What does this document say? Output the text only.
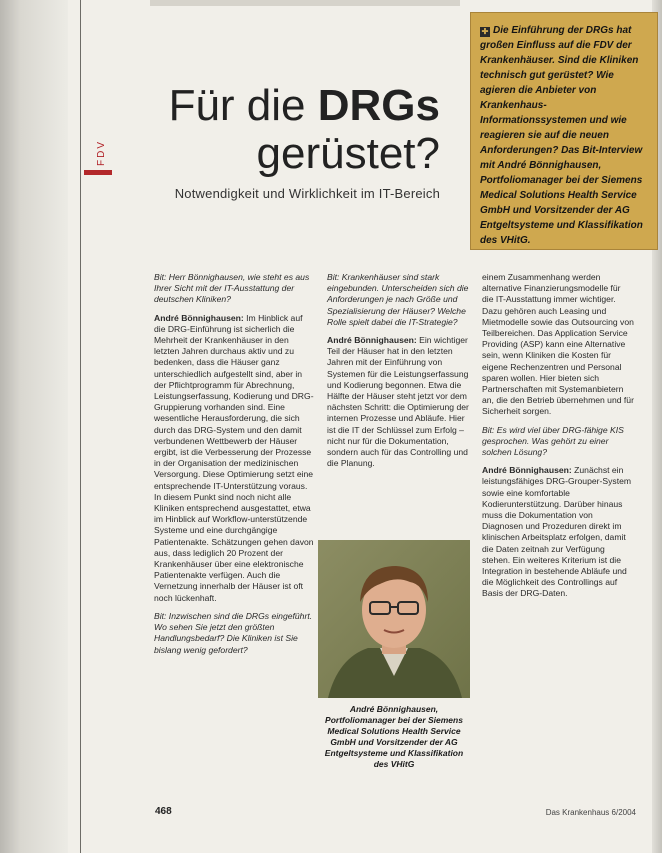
FDV
Für die DRGs
gerüstet?
Notwendigkeit und Wirklichkeit im IT-Bereich
✚ Die Einführung der DRGs hat großen Einfluss auf die FDV der Krankenhäuser. Sind die Kliniken technisch gut gerüstet? Wie agieren die Anbieter von Krankenhaus-Informationssystemen und wie reagieren sie auf die neuen Anforderungen? Das Bit-Interview mit André Bönnighausen, Portfoliomanager bei der Siemens Medical Solutions Health Service GmbH und Vorsitzender der AG Entgeltsysteme und Klassifikation des VHitG.

Bit: Herr Bönnighausen, wie steht es aus Ihrer Sicht mit der IT-Ausstattung der deutschen Kliniken?

André Bönnighausen: Im Hinblick auf die DRG-Einführung ist sicherlich die Mehrheit der Krankenhäuser in den letzten Jahren durchaus aktiv und zu bedenken, dass die Häuser ganz unterschiedlich aufgestellt sind, aber in der Pflichtprogramm für Abrechnung, Leistungserfassung, Kodierung und DRG-Gruppierung vorhanden sind. Eine wesentliche Herausforderung, die sich durch das DRG-System und den damit verbundenen Wettbewerb der Häuser ergibt, ist die Verbesserung der Prozesse in der Organisation der medizinischen Versorgung. Diese Optimierung setzt eine entsprechende IT-Unterstützung voraus. In diesem Punkt sind noch nicht alle Kliniken entsprechend ausgestattet, etwa im Hinblick auf Workflow-unterstützende Systeme und eine durchgängige Patientenakte. Schätzungen gehen davon aus, dass lediglich 20 Prozent der Krankenhäuser über eine elektronische Patientenakte verfügen. Auch die Vernetzung innerhalb der Häuser ist oft noch lückenhaft.

Bit: Inzwischen sind die DRGs eingeführt. Wo sehen Sie jetzt den größten Handlungsbedarf? Die Kliniken ist Sie bislang wenig gefordert?

Bit: Krankenhäuser sind stark eingebunden. Unterscheiden sich die Anforderungen je nach Größe und Spezialisierung der Häuser? Welche Rolle spielt dabei die IT-Strategie?

André Bönnighausen: Ein wichtiger Teil der Häuser hat in den letzten Jahren mit der Einführung von Systemen für die Leistungserfassung und Kodierung begonnen. Etwa die Hälfte der Häuser steht jetzt vor dem nächsten Schritt: die Optimierung der internen Prozesse und Abläufe. Hier ist die IT der Schlüssel zum Erfolg – nicht nur für die Dokumentation, sondern auch für das Controlling und die Planung.

André Bönnighausen, Portfoliomanager bei der Siemens Medical Solutions Health Service GmbH und Vorsitzender der AG Entgeltsysteme und Klassifikation des VHitG

einem Zusammenhang werden alternative Finanzierungsmodelle für die IT-Ausstattung immer wichtiger. Dazu gehören auch Leasing und Mietmodelle sowie das Outsourcing von Teilbereichen. Das Application Service Providing (ASP) kann eine Alternative sein, wenn Kliniken die Kosten für eigene Rechenzentren und Personal sparen wollen. Hier bieten sich Partnerschaften mit Systemanbietern an, die den Betrieb übernehmen und für Sicherheit sorgen.

Bit: Es wird viel über DRG-fähige KIS gesprochen. Was gehört zu einer solchen Lösung?

André Bönnighausen: Zunächst ein leistungsfähiges DRG-Grouper-System sowie eine komfortable Kodierunterstützung. Darüber hinaus muss die Dokumentation von Diagnosen und Prozeduren direkt im klinischen Arbeitsplatz erfolgen, damit die Daten zeitnah zur Verfügung stehen. Ein weiteres Kriterium ist die Integration in bestehende Abläufe und die Möglichkeit des Controllings auf Basis der DRG-Daten.

468	Das Krankenhaus 6/2004
